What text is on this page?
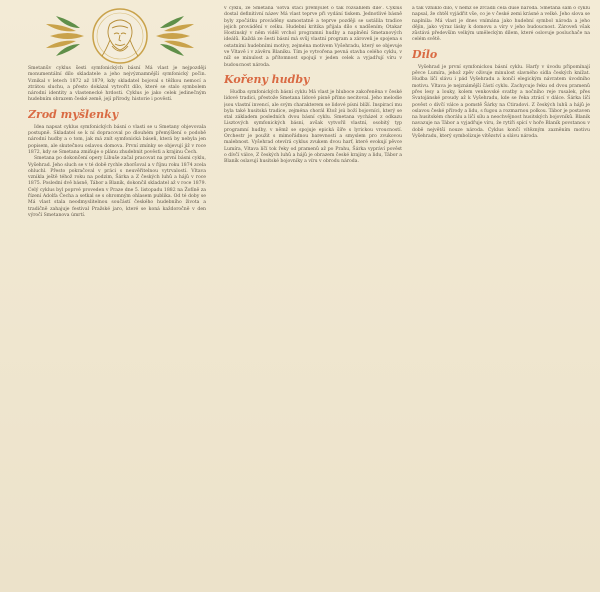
Smetanův cyklus šesti symfonických básní Má vlast je nejpozději monumentální dílo skladatele a jeho nejvýznamnější symfonický počin. Vznikal v letech 1872 až 1879, kdy skladatel bojoval s těžkou nemocí a ztrátou sluchu, a přesto dokázal vytvořit dílo, které se stalo symbolem národní identity a vlastenecké hrdosti. Cyklus je jako celek jedinečným hudebním obrazem české země, její přírody, historie i pověstí.

Zrod myšlenky

Idea napsat cyklus symfonických básní o vlasti se u Smetany objevovala postupně. Skladatel se k ní dopracoval po dlouhém přemýšlení o podobě národní hudby a o tom, jak má znít symfonická báseň, která by nebyla jen popisem, ale skutečnou oslavou domova. První zmínky se objevují již v roce 1872, kdy se Smetana zmiňuje o plánu zhudebnit pověsti a krajinu Čech.

Smetana po dokončení opery Libuše začal pracovat na první básni cyklu, Vyšehrad. Jeho sluch se v té době rychle zhoršoval a v říjnu roku 1874 zcela ohluchl. Přesto pokračoval v práci s neuvěřitelnou vytrvalostí. Vltava vznikla ještě téhož roku na podzim, Šárka a Z českých luhů a hájů v roce 1875. Poslední dvě básně, Tábor a Blaník, dokončil skladatel až v roce 1879. Celý cyklus byl poprvé proveden v Praze dne 5. listopadu 1882 na Žofíně za řízení Adolfa Čecha a setkal se s ohromným ohlasem publika. Od té doby se Má vlast stala neodmyslitelnou součástí českého hudebního života a tradičně zahajuje festival Pražské jaro, které se koná každoročně v den výročí Smetanova úmrtí.

v cyklu, že Smetana 'sotva stačí přemýšlet o tak rozsáhlém díle'. Cyklus dostal definitivní název Má vlast teprve při vydání tiskem. Jednotlivé básně byly zpočátku prováděny samostatně a teprve později se ustálila tradice jejich provádění v celku. Hudební kritika přijala dílo s nadšením; Otakar Hostinský v něm viděl vrchol programní hudby a naplnění Smetanových ideálů. Každá ze šesti básní má svůj vlastní program a zároveň je spojena s ostatními hudebními motivy, zejména motivem Vyšehradu, který se objevuje ve Vltavě i v závěru Blaníku. Tím je vytvořena pevná stavba celého cyklu, v níž se minulost a přítomnost spojují v jeden celek a vyjadřují víru v budoucnost národa.

Kořeny hudby

Hudba symfonických básní cyklu Má vlast je hluboce zakořeněna v české lidové tradici, přestože Smetana lidové písně přímo necitoval. Jeho melodie jsou vlastní invencí, ale svým charakterem se lidové písni blíží. Inspirací mu byla také husitská tradice, zejména chorál Ktož jsú boží bojovníci, který se stal základem posledních dvou básní cyklu. Smetana vycházel z odkazu Lisztových symfonických básní, avšak vytvořil vlastní, osobitý typ programní hudby, v němž se spojuje epická šíře s lyrickou vroucností. Orchestr je použit s mimořádnou barevností a smyslem pro zvukovou malebnost. Vyšehrad otevírá cyklus zvukem dvou harf, které evokují pěvce Lumíra, Vltava líčí tok řeky od pramenů až po Prahu, Šárka vypráví pověst o dívčí válce, Z českých luhů a hájů je obrazem české krajiny a lidu, Tábor a Blaník oslavují husitské bojovníky a víru v obrodu národa.

a tak vzniklo dílo, v němž se zrcadlí celá duše národa. Smetana sám o cyklu napsal, že chtěl vyjádřit vše, co je v české zemi krásné a velké. Jeho slova se naplnila: Má vlast je dnes vnímána jako hudební symbol národa a jeho dějin, jako výraz lásky k domovu a víry v jeho budoucnost. Zároveň však zůstává především velkým uměleckým dílem, které oslovuje posluchače na celém světě.

Dílo

Vyšehrad je první symfonickou básní cyklu. Harfy v úvodu připomínají pěvce Lumíra, jehož zpěv oživuje minulost slavného sídla českých knížat. Hudba líčí slávu i pád Vyšehradu a končí elegickým návratem úvodního motivu. Vltava je nejznámější částí cyklu. Zachycuje řeku od dvou pramenů přes lesy a louky, kolem venkovské svatby a nočního reje rusalek, přes Svatojánské proudy až k Vyšehradu, kde se řeka ztrácí v dálce. Šárka líčí pověst o dívčí válce a pomstě Šárky na Ctiradovi. Z českých luhů a hájů je oslavou české přírody a lidu, s fugou a rozmarnou polkou. Tábor je postaven na husitském chorálu a líčí sílu a neochvějnost husitských bojovníků. Blaník navazuje na Tábor a vyjadřuje víru, že rytíři spící v hoře Blaník povstanou v době největší nouze národa. Cyklus končí vítězným zazněním motivu Vyšehradu, který symbolizuje vítězství a slávu národa.
